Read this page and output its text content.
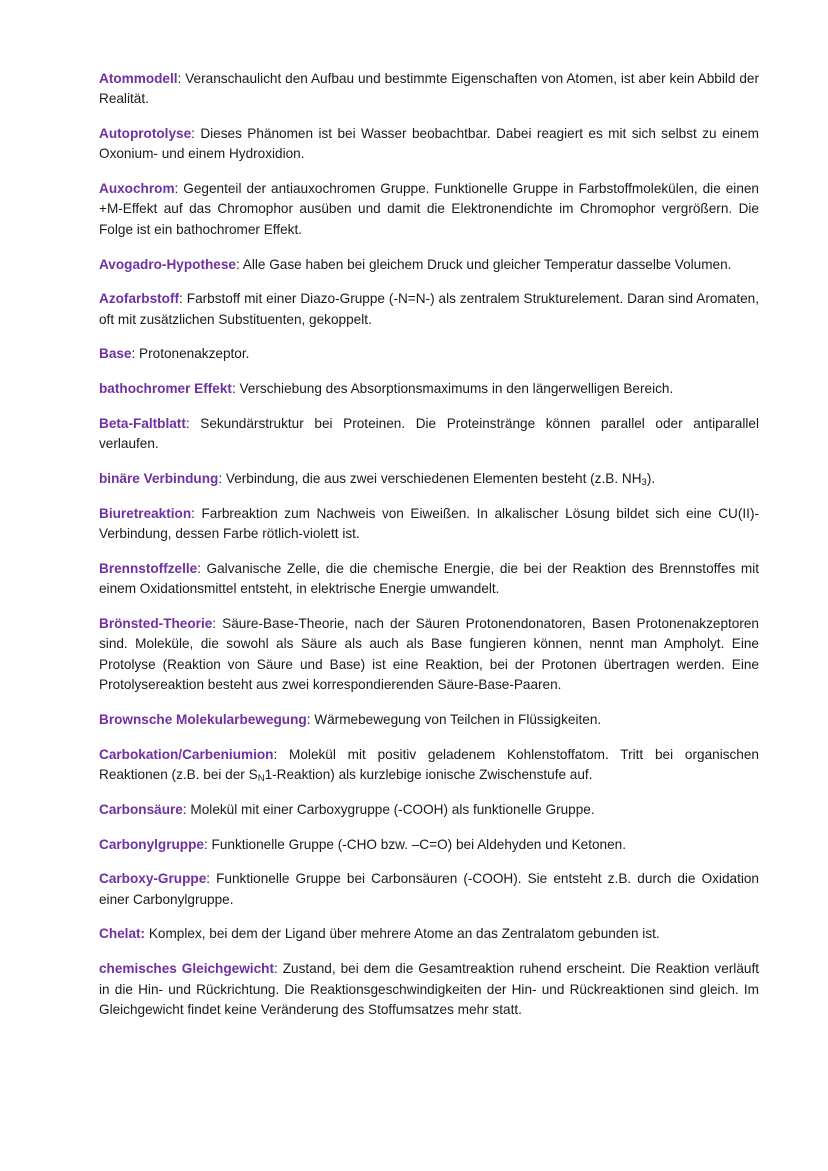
Atommodell: Veranschaulicht den Aufbau und bestimmte Eigenschaften von Atomen, ist aber kein Abbild der Realität.

Autoprotolyse: Dieses Phänomen ist bei Wasser beobachtbar. Dabei reagiert es mit sich selbst zu einem Oxonium- und einem Hydroxidion.

Auxochrom: Gegenteil der antiauxochromen Gruppe. Funktionelle Gruppe in Farbstoffmolekülen, die einen +M-Effekt auf das Chromophor ausüben und damit die Elektronendichte im Chromophor vergrößern. Die Folge ist ein bathochromer Effekt.

Avogadro-Hypothese: Alle Gase haben bei gleichem Druck und gleicher Temperatur dasselbe Volumen.

Azofarbstoff: Farbstoff mit einer Diazo-Gruppe (-N=N-) als zentralem Strukturelement. Daran sind Aromaten, oft mit zusätzlichen Substituenten, gekoppelt.

Base: Protonenakzeptor.

bathochromer Effekt: Verschiebung des Absorptionsmaximums in den längerwelligen Bereich.

Beta-Faltblatt: Sekundärstruktur bei Proteinen. Die Proteinstränge können parallel oder antiparallel verlaufen.

binäre Verbindung: Verbindung, die aus zwei verschiedenen Elementen besteht (z.B. $NH_3$).

Biuretreaktion: Farbreaktion zum Nachweis von Eiweißen. In alkalischer Lösung bildet sich eine CU(II)-Verbindung, dessen Farbe rötlich-violett ist.

Brennstoffzelle: Galvanische Zelle, die die chemische Energie, die bei der Reaktion des Brennstoffes mit einem Oxidationsmittel entsteht, in elektrische Energie umwandelt.

Brönsted-Theorie: Säure-Base-Theorie, nach der Säuren Protonendonatoren, Basen Protonenakzeptoren sind. Moleküle, die sowohl als Säure als auch als Base fungieren können, nennt man Ampholyt. Eine Protolyse (Reaktion von Säure und Base) ist eine Reaktion, bei der Protonen übertragen werden. Eine Protolysereaktion besteht aus zwei korrespondierenden Säure-Base-Paaren.

Brownsche Molekularbewegung: Wärmebewegung von Teilchen in Flüssigkeiten.

Carbokation/Carbeniumion: Molekül mit positiv geladenem Kohlenstoffatom. Tritt bei organischen Reaktionen (z.B. bei der $S_N1-Reaktion$) als kurzlebige ionische Zwischenstufe auf.

Carbonsäure: Molekül mit einer Carboxygruppe (-COOH) als funktionelle Gruppe.

Carbonylgruppe: Funktionelle Gruppe (-CHO bzw. –C=O) bei Aldehyden und Ketonen.

Carboxy-Gruppe: Funktionelle Gruppe bei Carbonsäuren (-COOH). Sie entsteht z.B. durch die Oxidation einer Carbonylgruppe.

Chelat: Komplex, bei dem der Ligand über mehrere Atome an das Zentralatom gebunden ist.

chemisches Gleichgewicht: Zustand, bei dem die Gesamtreaktion ruhend erscheint. Die Reaktion verläuft in die Hin- und Rückrichtung. Die Reaktionsgeschwindigkeiten der Hin- und Rückreaktionen sind gleich. Im Gleichgewicht findet keine Veränderung des Stoffumsatzes mehr statt.
